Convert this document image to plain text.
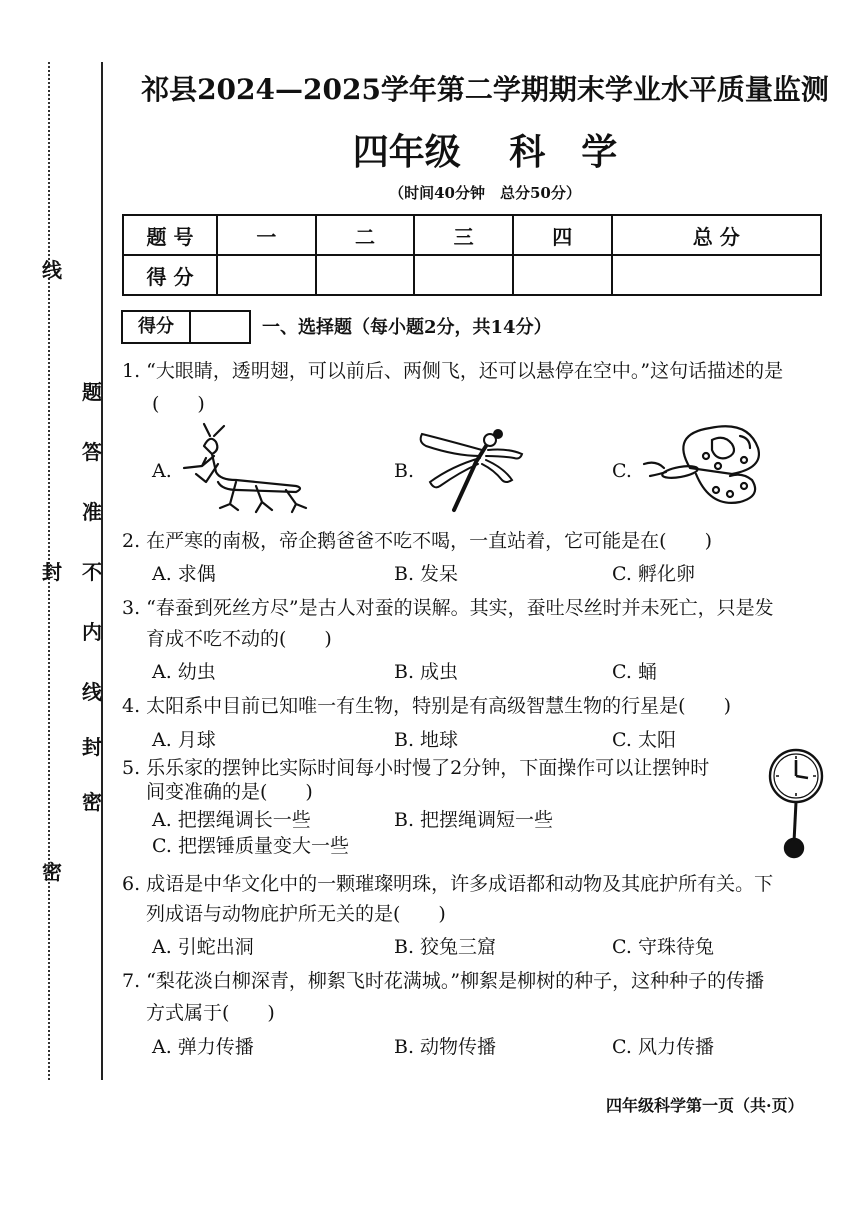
线
题
答
准
不
内
线
封
密
封
密
祁县2024—2025学年第二学期期末学业水平质量监测
四年级　 科　学
（时间40分钟　总分50分）
题 号	一	二	三	四	总 分
得 分					
得分	一、选择题（每小题2分，共14分）
1. “大眼睛，透明翅，可以前后、两侧飞，还可以悬停在空中。”这句话描述的是
(　　)
A.	B.	C.
2. 在严寒的南极，帝企鹅爸爸不吃不喝，一直站着，它可能是在(　　)
A. 求偶	B. 发呆	C. 孵化卵
3. “春蚕到死丝方尽”是古人对蚕的误解。其实，蚕吐尽丝时并未死亡，只是发
育成不吃不动的(　　)
A. 幼虫	B. 成虫	C. 蛹
4. 太阳系中目前已知唯一有生物，特别是有高级智慧生物的行星是(　　)
A. 月球	B. 地球	C. 太阳
5. 乐乐家的摆钟比实际时间每小时慢了2分钟，下面操作可以让摆钟时
间变准确的是(　　)
A. 把摆绳调长一些	B. 把摆绳调短一些
C. 把摆锤质量变大一些
6. 成语是中华文化中的一颗璀璨明珠，许多成语都和动物及其庇护所有关。下
列成语与动物庇护所无关的是(　　)
A. 引蛇出洞	B. 狡兔三窟	C. 守珠待兔
7. “梨花淡白柳深青，柳絮飞时花满城。”柳絮是柳树的种子，这种种子的传播
方式属于(　　)
A. 弹力传播	B. 动物传播	C. 风力传播
四年级科学第一页（共·页）
